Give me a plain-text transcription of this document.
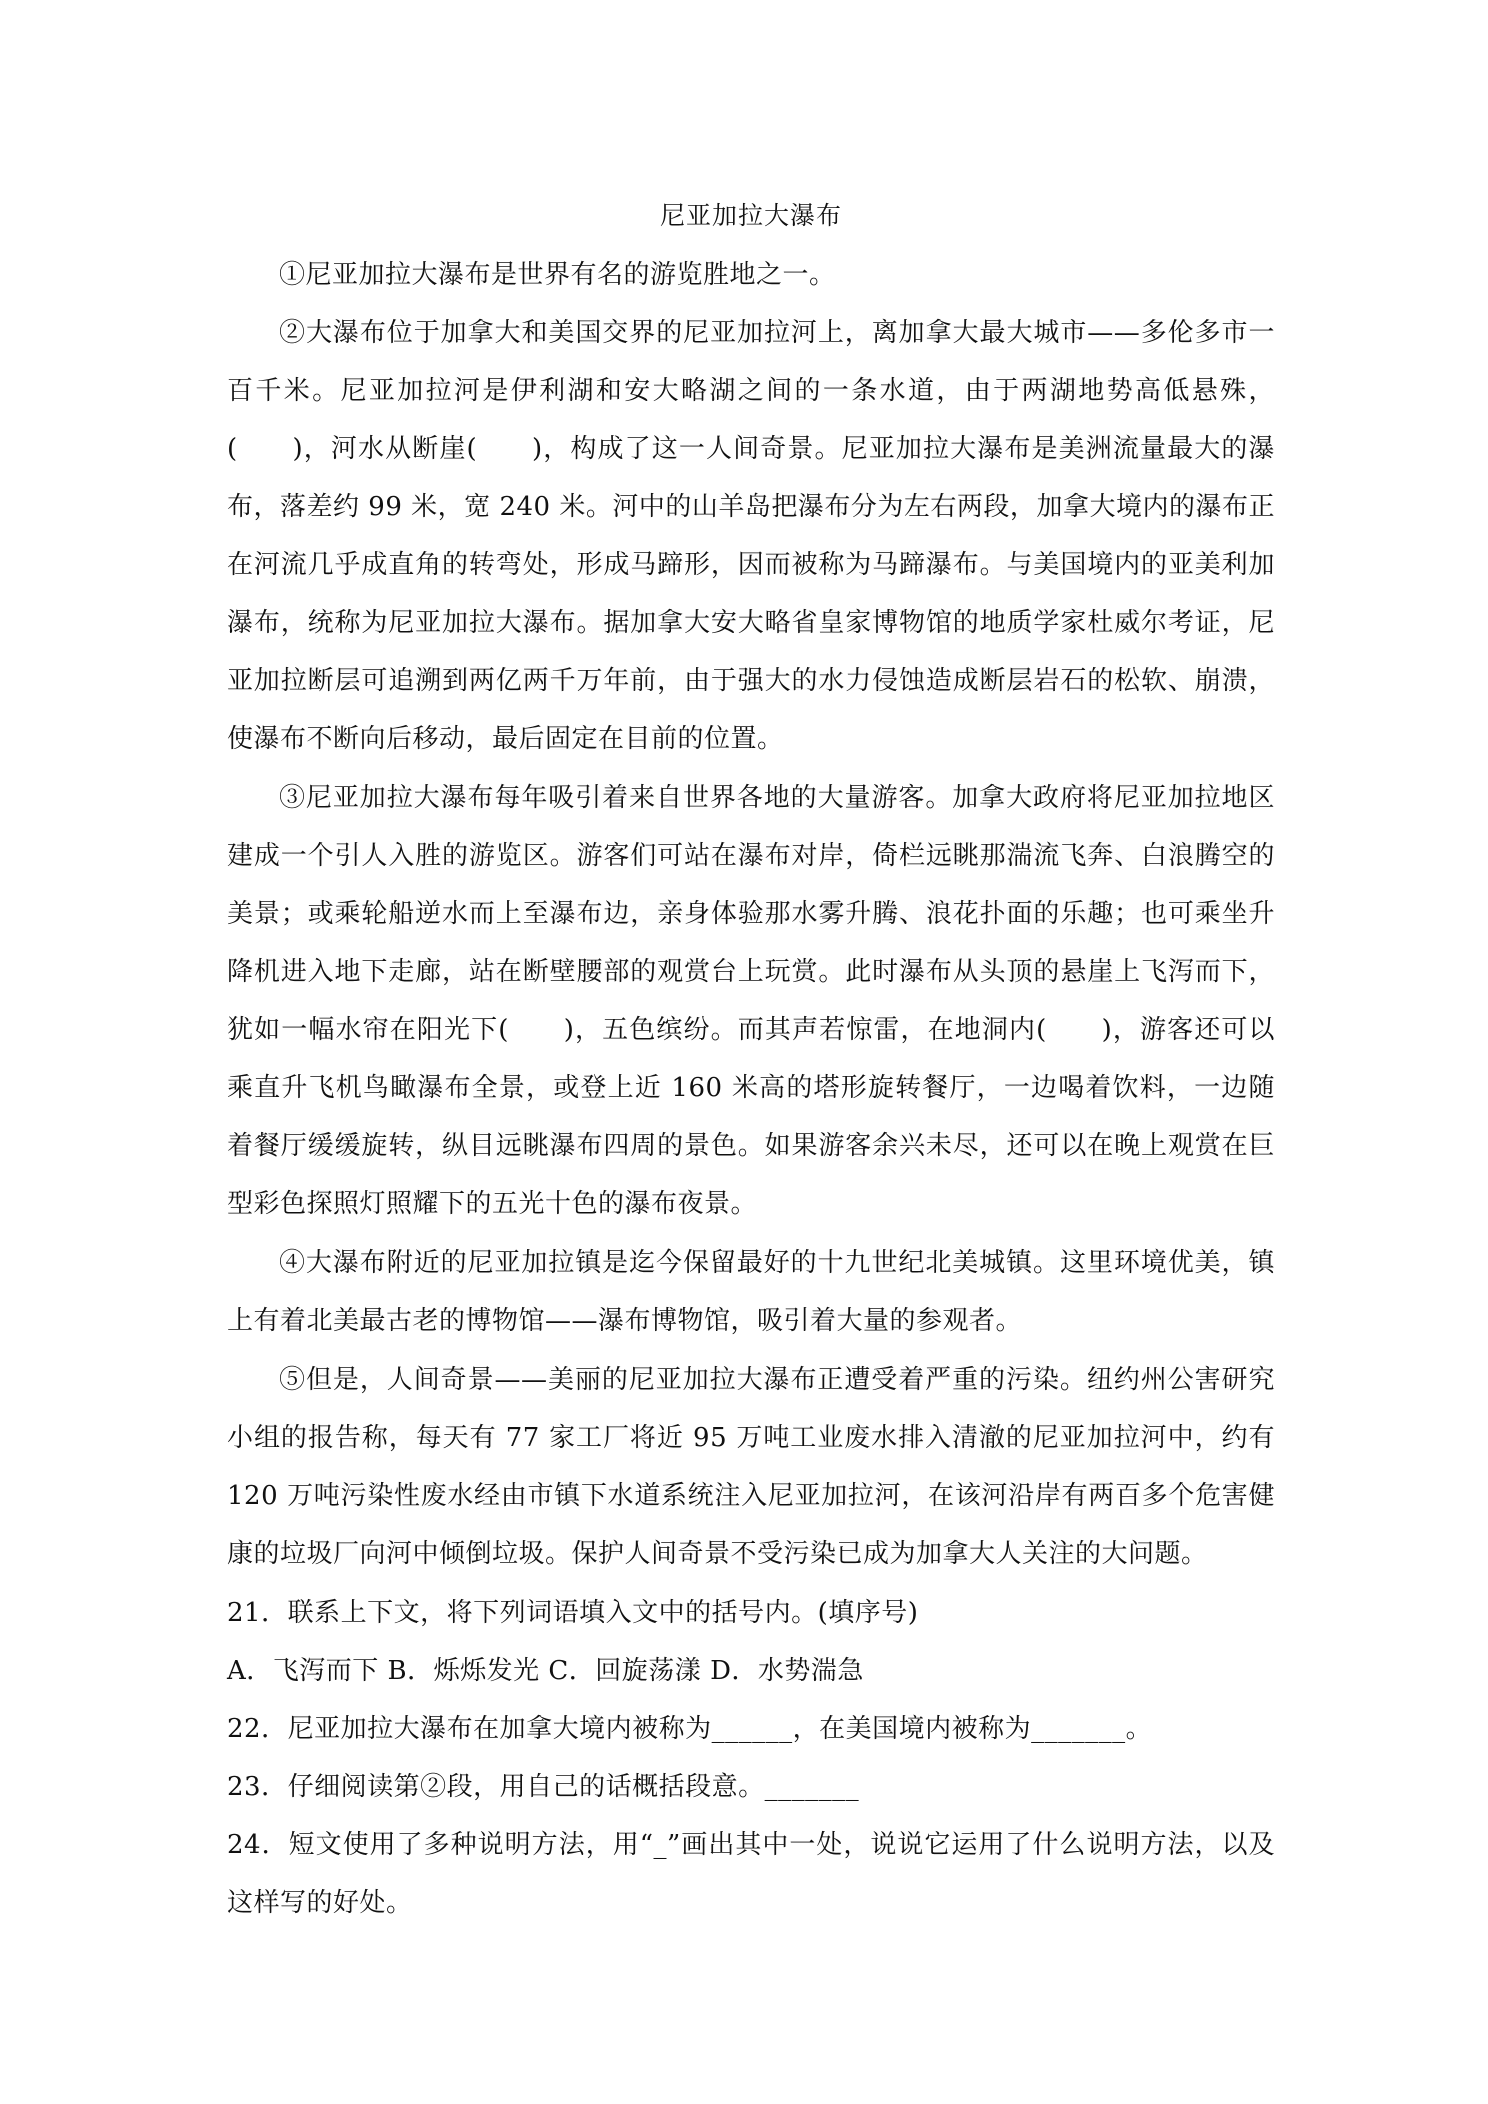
尼亚加拉大瀑布

①尼亚加拉大瀑布是世界有名的游览胜地之一。

②大瀑布位于加拿大和美国交界的尼亚加拉河上，离加拿大最大城市——多伦多市一百千米。尼亚加拉河是伊利湖和安大略湖之间的一条水道，由于两湖地势高低悬殊，(　　)，河水从断崖(　　)，构成了这一人间奇景。尼亚加拉大瀑布是美洲流量最大的瀑布，落差约 99 米，宽 240 米。河中的山羊岛把瀑布分为左右两段，加拿大境内的瀑布正在河流几乎成直角的转弯处，形成马蹄形，因而被称为马蹄瀑布。与美国境内的亚美利加瀑布，统称为尼亚加拉大瀑布。据加拿大安大略省皇家博物馆的地质学家杜威尔考证，尼亚加拉断层可追溯到两亿两千万年前，由于强大的水力侵蚀造成断层岩石的松软、崩溃，使瀑布不断向后移动，最后固定在目前的位置。

③尼亚加拉大瀑布每年吸引着来自世界各地的大量游客。加拿大政府将尼亚加拉地区建成一个引人入胜的游览区。游客们可站在瀑布对岸，倚栏远眺那湍流飞奔、白浪腾空的美景；或乘轮船逆水而上至瀑布边，亲身体验那水雾升腾、浪花扑面的乐趣；也可乘坐升降机进入地下走廊，站在断壁腰部的观赏台上玩赏。此时瀑布从头顶的悬崖上飞泻而下，犹如一幅水帘在阳光下(　　)，五色缤纷。而其声若惊雷，在地洞内(　　)，游客还可以乘直升飞机鸟瞰瀑布全景，或登上近 160 米高的塔形旋转餐厅，一边喝着饮料，一边随着餐厅缓缓旋转，纵目远眺瀑布四周的景色。如果游客余兴未尽，还可以在晚上观赏在巨型彩色探照灯照耀下的五光十色的瀑布夜景。

④大瀑布附近的尼亚加拉镇是迄今保留最好的十九世纪北美城镇。这里环境优美，镇上有着北美最古老的博物馆——瀑布博物馆，吸引着大量的参观者。

⑤但是，人间奇景——美丽的尼亚加拉大瀑布正遭受着严重的污染。纽约州公害研究小组的报告称，每天有 77 家工厂将近 95 万吨工业废水排入清澈的尼亚加拉河中，约有 120 万吨污染性废水经由市镇下水道系统注入尼亚加拉河，在该河沿岸有两百多个危害健康的垃圾厂向河中倾倒垃圾。保护人间奇景不受污染已成为加拿大人关注的大问题。

21．联系上下文，将下列词语填入文中的括号内。(填序号)

A．飞泻而下 B．烁烁发光 C．回旋荡漾 D．水势湍急

22．尼亚加拉大瀑布在加拿大境内被称为______，在美国境内被称为_______。

23．仔细阅读第②段，用自己的话概括段意。_______

24．短文使用了多种说明方法，用“_”画出其中一处，说说它运用了什么说明方法，以及这样写的好处。
